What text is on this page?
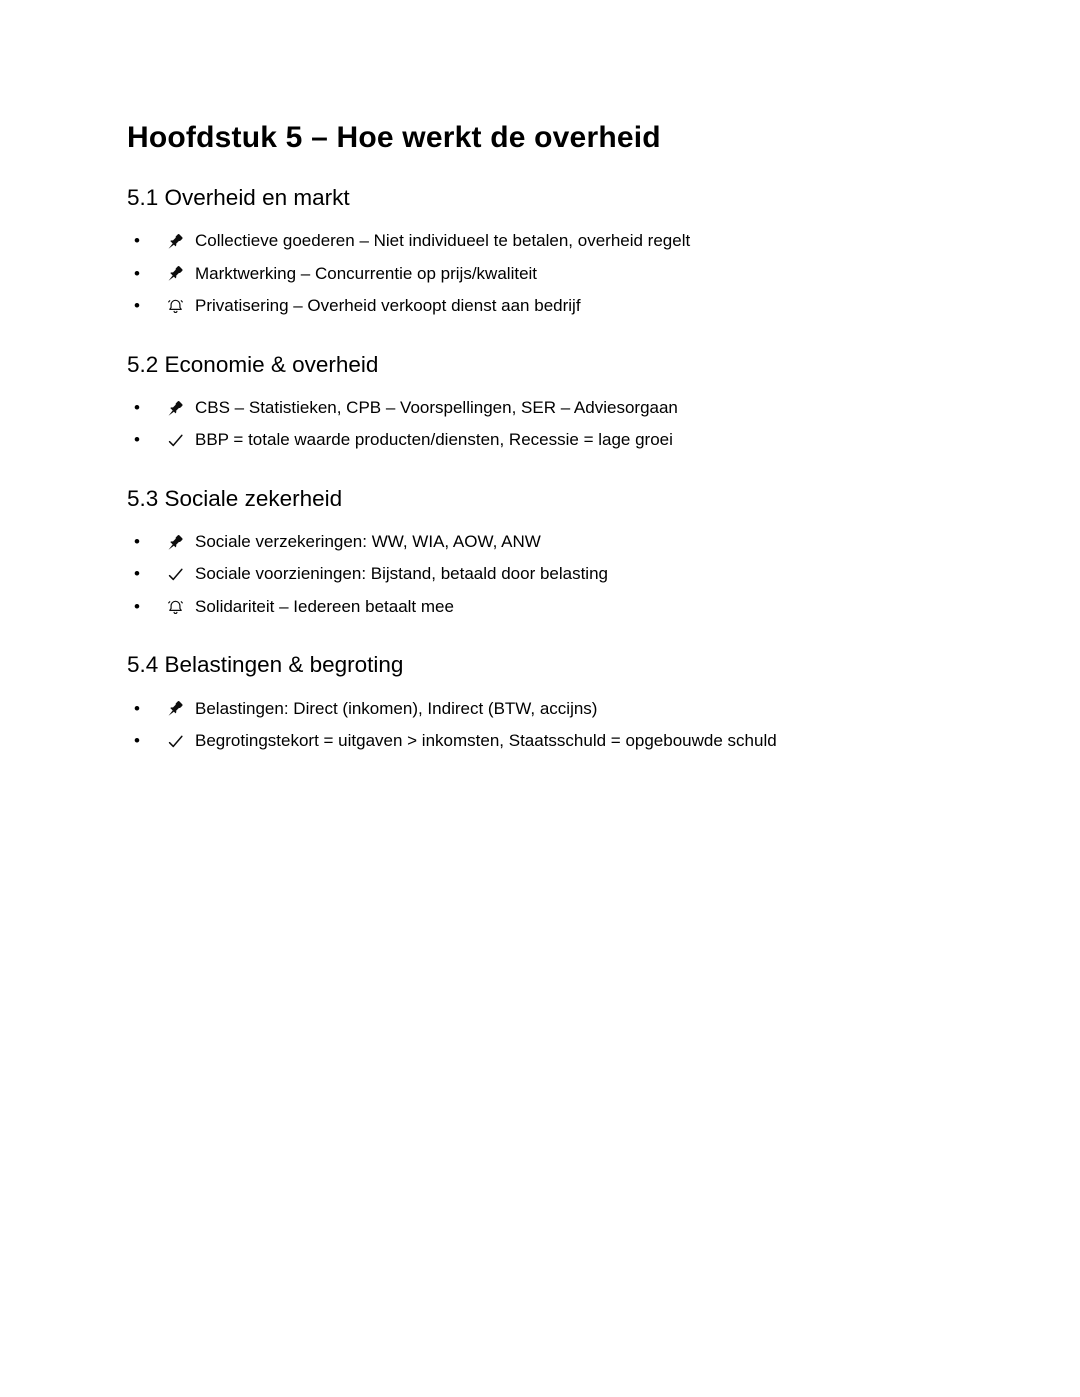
Hoofdstuk 5 – Hoe werkt de overheid
5.1 Overheid en markt
•	Collectieve goederen – Niet individueel te betalen, overheid regelt
•	Marktwerking – Concurrentie op prijs/kwaliteit
•	Privatisering – Overheid verkoopt dienst aan bedrijf
5.2 Economie & overheid
•	CBS – Statistieken, CPB – Voorspellingen, SER – Adviesorgaan
•	BBP = totale waarde producten/diensten, Recessie = lage groei
5.3 Sociale zekerheid
•	Sociale verzekeringen: WW, WIA, AOW, ANW
•	Sociale voorzieningen: Bijstand, betaald door belasting
•	Solidariteit – Iedereen betaalt mee
5.4 Belastingen & begroting
•	Belastingen: Direct (inkomen), Indirect (BTW, accijns)
•	Begrotingstekort = uitgaven > inkomsten, Staatsschuld = opgebouwde schuld
